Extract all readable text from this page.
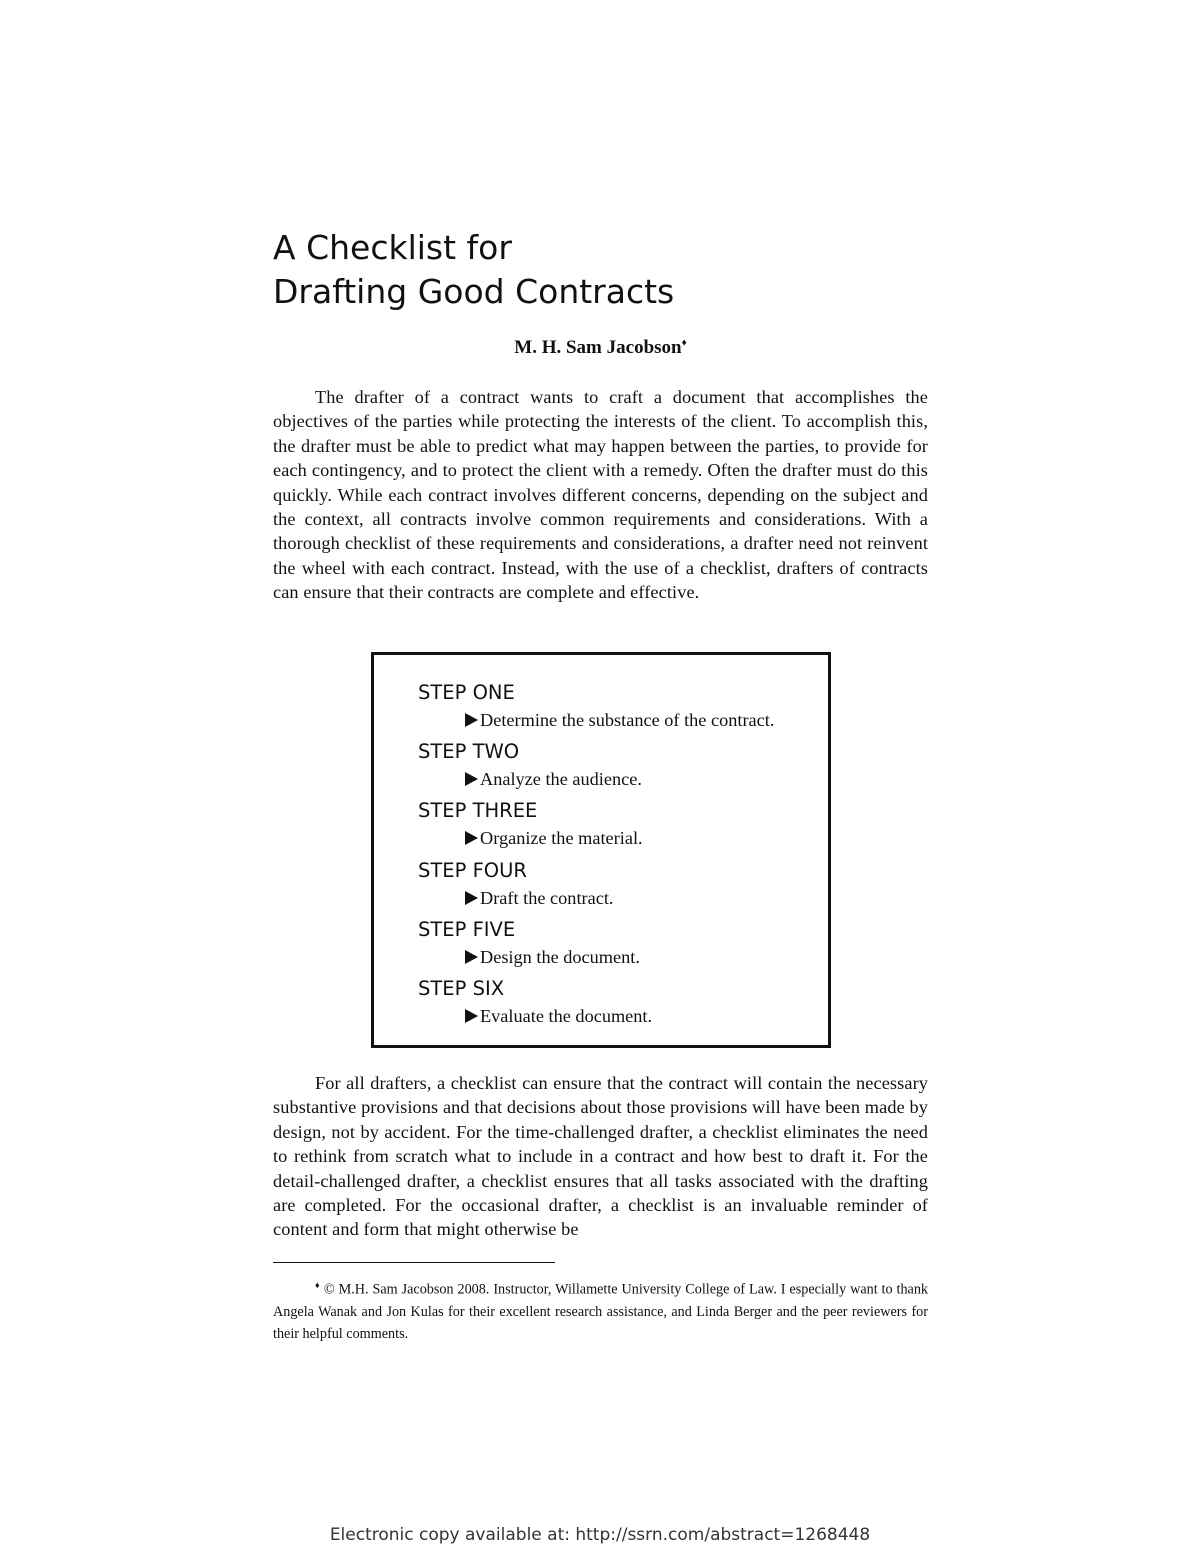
A Checklist for
Drafting Good Contracts
M. H. Sam Jacobson♦

The drafter of a contract wants to craft a document that accomplishes the objectives of the parties while protecting the interests of the client. To accomplish this, the drafter must be able to predict what may happen between the parties, to provide for each contingency, and to protect the client with a remedy. Often the drafter must do this quickly. While each contract involves different concerns, depending on the subject and the context, all contracts involve common requirements and considerations. With a thorough checklist of these requirements and considerations, a drafter need not reinvent the wheel with each contract. Instead, with the use of a checklist, drafters of contracts can ensure that their contracts are complete and effective.

STEP ONE
Determine the substance of the contract.
STEP TWO
Analyze the audience.
STEP THREE
Organize the material.
STEP FOUR
Draft the contract.
STEP FIVE
Design the document.
STEP SIX
Evaluate the document.

For all drafters, a checklist can ensure that the contract will contain the necessary substantive provisions and that decisions about those provisions will have been made by design, not by accident. For the time-challenged drafter, a checklist eliminates the need to rethink from scratch what to include in a contract and how best to draft it. For the detail-challenged drafter, a checklist ensures that all tasks associated with the drafting are completed. For the occasional drafter, a checklist is an invaluable reminder of content and form that might otherwise be

♦ © M.H. Sam Jacobson 2008. Instructor, Willamette University College of Law. I especially want to thank Angela Wanak and Jon Kulas for their excellent research assistance, and Linda Berger and the peer reviewers for their helpful comments.

Electronic copy available at: http://ssrn.com/abstract=1268448
